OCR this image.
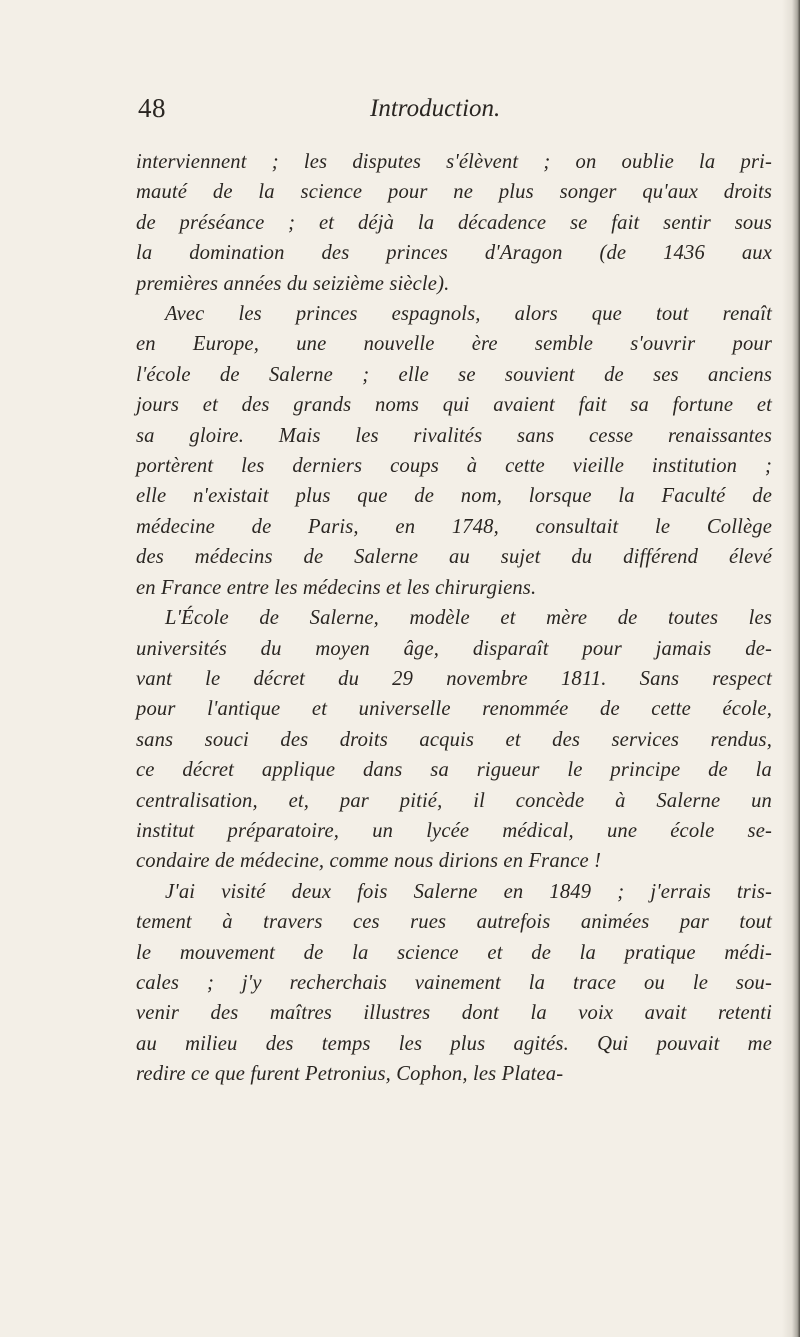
48	Introduction.
interviennent ; les disputes s'élèvent ; on oublie la pri-
mauté de la science pour ne plus songer qu'aux droits
de préséance ; et déjà la décadence se fait sentir sous
la domination des princes d'Aragon (de 1436 aux
premières années du seizième siècle).
Avec les princes espagnols, alors que tout renaît
en Europe, une nouvelle ère semble s'ouvrir pour
l'école de Salerne ; elle se souvient de ses anciens
jours et des grands noms qui avaient fait sa fortune et
sa gloire. Mais les rivalités sans cesse renaissantes
portèrent les derniers coups à cette vieille institution ;
elle n'existait plus que de nom, lorsque la Faculté de
médecine de Paris, en 1748, consultait le Collège
des médecins de Salerne au sujet du différend élevé
en France entre les médecins et les chirurgiens.
L'École de Salerne, modèle et mère de toutes les
universités du moyen âge, disparaît pour jamais de-
vant le décret du 29 novembre 1811. Sans respect
pour l'antique et universelle renommée de cette école,
sans souci des droits acquis et des services rendus,
ce décret applique dans sa rigueur le principe de la
centralisation, et, par pitié, il concède à Salerne un
institut préparatoire, un lycée médical, une école se-
condaire de médecine, comme nous dirions en France !
J'ai visité deux fois Salerne en 1849 ; j'errais tris-
tement à travers ces rues autrefois animées par tout
le mouvement de la science et de la pratique médi-
cales ; j'y recherchais vainement la trace ou le sou-
venir des maîtres illustres dont la voix avait retenti
au milieu des temps les plus agités. Qui pouvait me
redire ce que furent Petronius, Cophon, les Platea-
